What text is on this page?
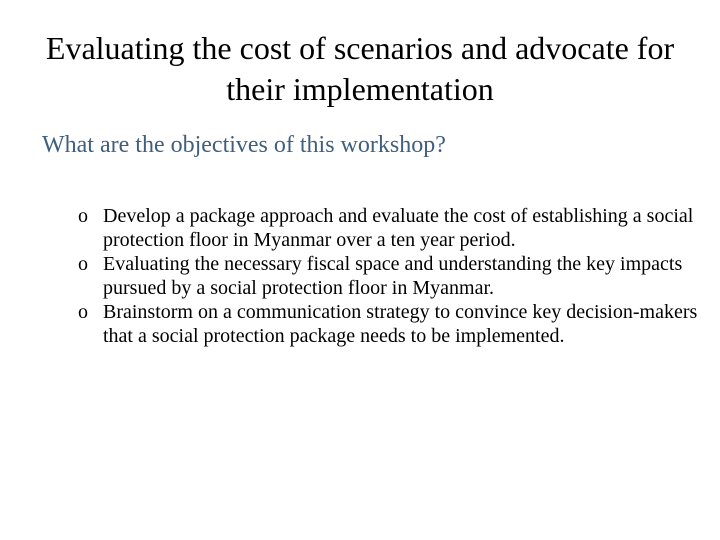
Evaluating the cost of scenarios and advocate for their implementation
What are the objectives of this workshop?
o Develop a package approach and evaluate the cost of establishing a social protection floor in Myanmar over a ten year period.
o Evaluating the necessary fiscal space and understanding the key impacts pursued by a social protection floor in Myanmar.
o Brainstorm on a communication strategy to convince key decision-makers that a social protection package needs to be implemented.
